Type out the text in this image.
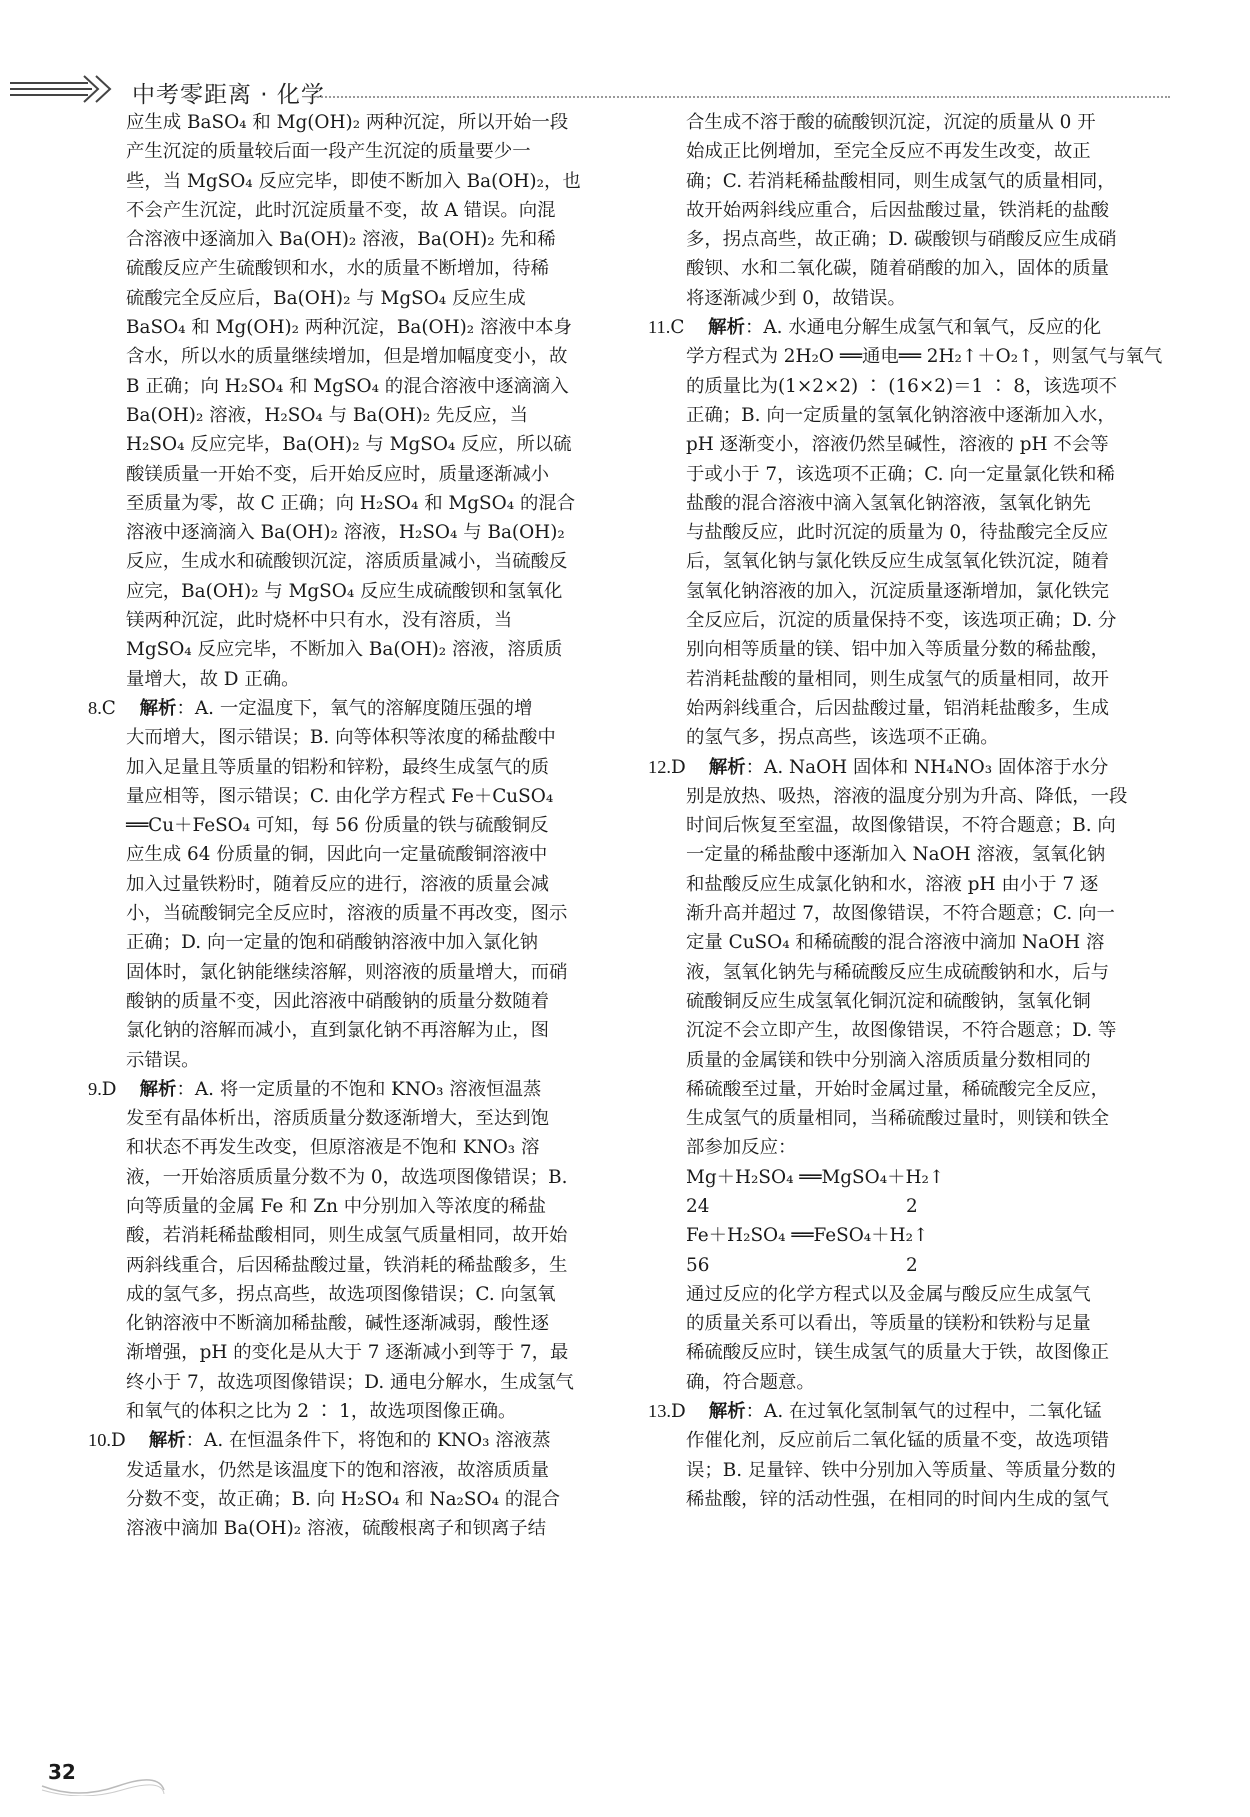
中考零距离 · 化学

应生成 BaSO₄ 和 Mg(OH)₂ 两种沉淀，所以开始一段

产生沉淀的质量较后面一段产生沉淀的质量要少一

些，当 MgSO₄ 反应完毕，即使不断加入 Ba(OH)₂，也

不会产生沉淀，此时沉淀质量不变，故 A 错误。向混

合溶液中逐滴加入 Ba(OH)₂ 溶液，Ba(OH)₂ 先和稀

硫酸反应产生硫酸钡和水，水的质量不断增加，待稀

硫酸完全反应后，Ba(OH)₂ 与 MgSO₄ 反应生成

BaSO₄ 和 Mg(OH)₂ 两种沉淀，Ba(OH)₂ 溶液中本身

含水，所以水的质量继续增加，但是增加幅度变小，故

B 正确；向 H₂SO₄ 和 MgSO₄ 的混合溶液中逐滴滴入

Ba(OH)₂ 溶液，H₂SO₄ 与 Ba(OH)₂ 先反应，当

H₂SO₄ 反应完毕，Ba(OH)₂ 与 MgSO₄ 反应，所以硫

酸镁质量一开始不变，后开始反应时，质量逐渐减小

至质量为零，故 C 正确；向 H₂SO₄ 和 MgSO₄ 的混合

溶液中逐滴滴入 Ba(OH)₂ 溶液，H₂SO₄ 与 Ba(OH)₂

反应，生成水和硫酸钡沉淀，溶质质量减小，当硫酸反

应完，Ba(OH)₂ 与 MgSO₄ 反应生成硫酸钡和氢氧化

镁两种沉淀，此时烧杯中只有水，没有溶质，当

MgSO₄ 反应完毕，不断加入 Ba(OH)₂ 溶液，溶质质

量增大，故 D 正确。

8.C 解析：A. 一定温度下，氧气的溶解度随压强的增

大而增大，图示错误；B. 向等体积等浓度的稀盐酸中

加入足量且等质量的铝粉和锌粉，最终生成氢气的质

量应相等，图示错误；C. 由化学方程式 Fe＋CuSO₄

══Cu＋FeSO₄ 可知，每 56 份质量的铁与硫酸铜反

应生成 64 份质量的铜，因此向一定量硫酸铜溶液中

加入过量铁粉时，随着反应的进行，溶液的质量会减

小，当硫酸铜完全反应时，溶液的质量不再改变，图示

正确；D. 向一定量的饱和硝酸钠溶液中加入氯化钠

固体时，氯化钠能继续溶解，则溶液的质量增大，而硝

酸钠的质量不变，因此溶液中硝酸钠的质量分数随着

氯化钠的溶解而减小，直到氯化钠不再溶解为止，图

示错误。

9.D 解析：A. 将一定质量的不饱和 KNO₃ 溶液恒温蒸

发至有晶体析出，溶质质量分数逐渐增大，至达到饱

和状态不再发生改变，但原溶液是不饱和 KNO₃ 溶

液，一开始溶质质量分数不为 0，故选项图像错误；B.

向等质量的金属 Fe 和 Zn 中分别加入等浓度的稀盐

酸，若消耗稀盐酸相同，则生成氢气质量相同，故开始

两斜线重合，后因稀盐酸过量，铁消耗的稀盐酸多，生

成的氢气多，拐点高些，故选项图像错误；C. 向氢氧

化钠溶液中不断滴加稀盐酸，碱性逐渐减弱，酸性逐

渐增强，pH 的变化是从大于 7 逐渐减小到等于 7，最

终小于 7，故选项图像错误；D. 通电分解水，生成氢气

和氧气的体积之比为 2 ∶ 1，故选项图像正确。

10.D 解析：A. 在恒温条件下，将饱和的 KNO₃ 溶液蒸

发适量水，仍然是该温度下的饱和溶液，故溶质质量

分数不变，故正确；B. 向 H₂SO₄ 和 Na₂SO₄ 的混合

溶液中滴加 Ba(OH)₂ 溶液，硫酸根离子和钡离子结

合生成不溶于酸的硫酸钡沉淀，沉淀的质量从 0 开

始成正比例增加，至完全反应不再发生改变，故正

确；C. 若消耗稀盐酸相同，则生成氢气的质量相同，

故开始两斜线应重合，后因盐酸过量，铁消耗的盐酸

多，拐点高些，故正确；D. 碳酸钡与硝酸反应生成硝

酸钡、水和二氧化碳，随着硝酸的加入，固体的质量

将逐渐减少到 0，故错误。

11.C 解析：A. 水通电分解生成氢气和氧气，反应的化

学方程式为 2H₂O ══通电══ 2H₂↑＋O₂↑，则氢气与氧气

的质量比为(1×2×2) ∶ (16×2)＝1 ∶ 8，该选项不

正确；B. 向一定质量的氢氧化钠溶液中逐渐加入水，

pH 逐渐变小，溶液仍然呈碱性，溶液的 pH 不会等

于或小于 7，该选项不正确；C. 向一定量氯化铁和稀

盐酸的混合溶液中滴入氢氧化钠溶液，氢氧化钠先

与盐酸反应，此时沉淀的质量为 0，待盐酸完全反应

后，氢氧化钠与氯化铁反应生成氢氧化铁沉淀，随着

氢氧化钠溶液的加入，沉淀质量逐渐增加，氯化铁完

全反应后，沉淀的质量保持不变，该选项正确；D. 分

别向相等质量的镁、铝中加入等质量分数的稀盐酸，

若消耗盐酸的量相同，则生成氢气的质量相同，故开

始两斜线重合，后因盐酸过量，铝消耗盐酸多，生成

的氢气多，拐点高些，该选项不正确。

12.D 解析：A. NaOH 固体和 NH₄NO₃ 固体溶于水分

别是放热、吸热，溶液的温度分别为升高、降低，一段

时间后恢复至室温，故图像错误，不符合题意；B. 向

一定量的稀盐酸中逐渐加入 NaOH 溶液，氢氧化钠

和盐酸反应生成氯化钠和水，溶液 pH 由小于 7 逐

渐升高并超过 7，故图像错误，不符合题意；C. 向一

定量 CuSO₄ 和稀硫酸的混合溶液中滴加 NaOH 溶

液，氢氧化钠先与稀硫酸反应生成硫酸钠和水，后与

硫酸铜反应生成氢氧化铜沉淀和硫酸钠，氢氧化铜

沉淀不会立即产生，故图像错误，不符合题意；D. 等

质量的金属镁和铁中分别滴入溶质质量分数相同的

稀硫酸至过量，开始时金属过量，稀硫酸完全反应，

生成氢气的质量相同，当稀硫酸过量时，则镁和铁全

部参加反应：

Mg＋H₂SO₄ ══MgSO₄＋H₂↑

24	2

Fe＋H₂SO₄ ══FeSO₄＋H₂↑

56	2

通过反应的化学方程式以及金属与酸反应生成氢气

的质量关系可以看出，等质量的镁粉和铁粉与足量

稀硫酸反应时，镁生成氢气的质量大于铁，故图像正

确，符合题意。

13.D 解析：A. 在过氧化氢制氧气的过程中，二氧化锰

作催化剂，反应前后二氧化锰的质量不变，故选项错

误；B. 足量锌、铁中分别加入等质量、等质量分数的

稀盐酸，锌的活动性强，在相同的时间内生成的氢气

32
